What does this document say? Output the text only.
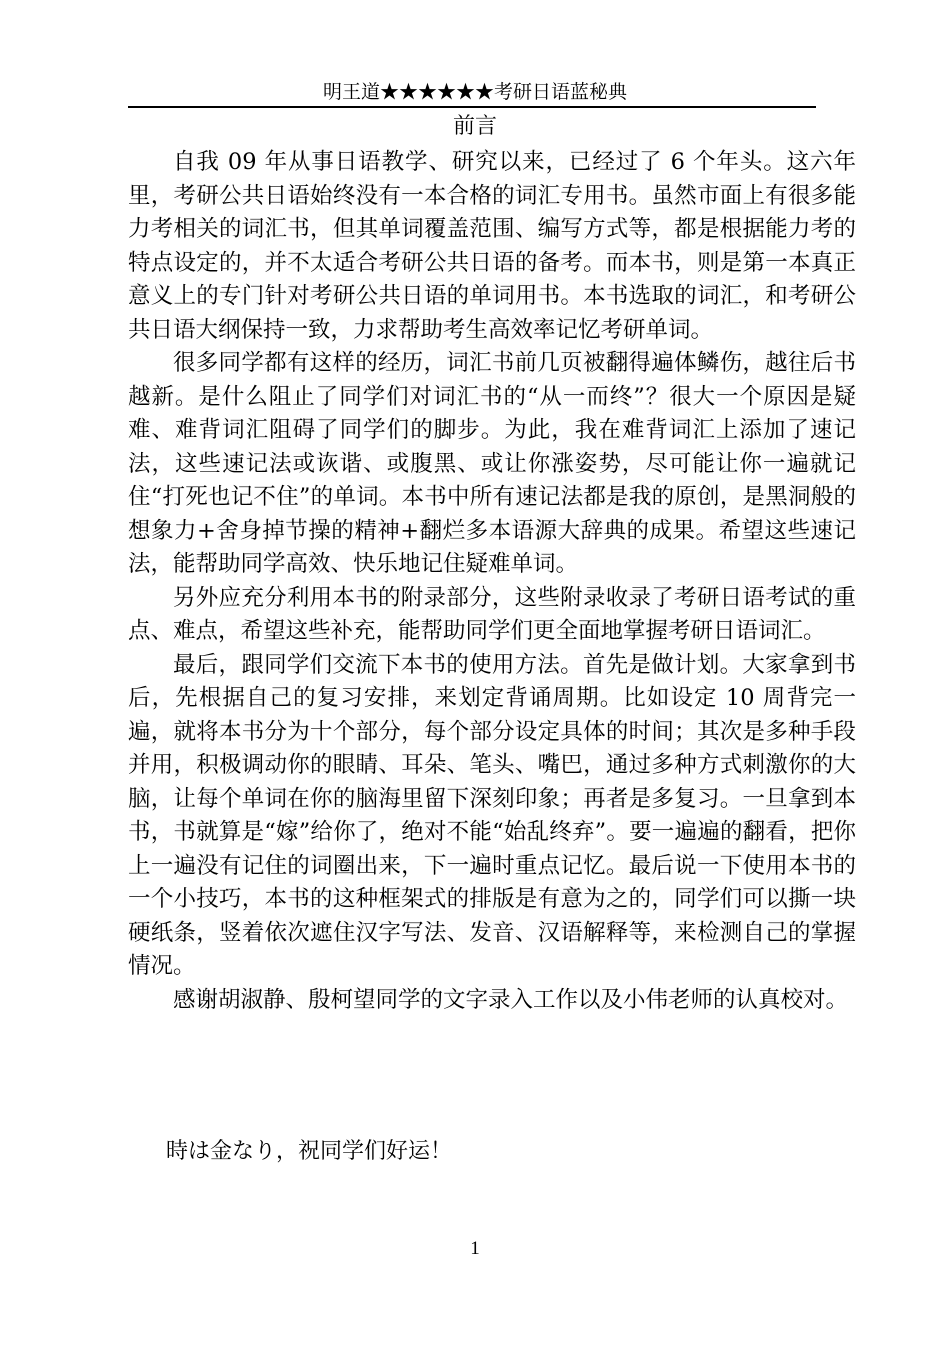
明王道★★★★★★考研日语蓝秘典
前言

自我 09 年从事日语教学、研究以来，已经过了 6 个年头。这六年里，考研公共日语始终没有一本合格的词汇专用书。虽然市面上有很多能力考相关的词汇书，但其单词覆盖范围、编写方式等，都是根据能力考的特点设定的，并不太适合考研公共日语的备考。而本书，则是第一本真正意义上的专门针对考研公共日语的单词用书。本书选取的词汇，和考研公共日语大纲保持一致，力求帮助考生高效率记忆考研单词。

很多同学都有这样的经历，词汇书前几页被翻得遍体鳞伤，越往后书越新。是什么阻止了同学们对词汇书的“从一而终”？很大一个原因是疑难、难背词汇阻碍了同学们的脚步。为此，我在难背词汇上添加了速记法，这些速记法或诙谐、或腹黑、或让你涨姿势，尽可能让你一遍就记住“打死也记不住”的单词。本书中所有速记法都是我的原创，是黑洞般的想象力+舍身掉节操的精神+翻烂多本语源大辞典的成果。希望这些速记法，能帮助同学高效、快乐地记住疑难单词。

另外应充分利用本书的附录部分，这些附录收录了考研日语考试的重点、难点，希望这些补充，能帮助同学们更全面地掌握考研日语词汇。

最后，跟同学们交流下本书的使用方法。首先是做计划。大家拿到书后，先根据自己的复习安排，来划定背诵周期。比如设定 10 周背完一遍，就将本书分为十个部分，每个部分设定具体的时间；其次是多种手段并用，积极调动你的眼睛、耳朵、笔头、嘴巴，通过多种方式刺激你的大脑，让每个单词在你的脑海里留下深刻印象；再者是多复习。一旦拿到本书，书就算是“嫁”给你了，绝对不能“始乱终弃”。要一遍遍的翻看，把你上一遍没有记住的词圈出来，下一遍时重点记忆。最后说一下使用本书的一个小技巧，本书的这种框架式的排版是有意为之的，同学们可以撕一块硬纸条，竖着依次遮住汉字写法、发音、汉语解释等，来检测自己的掌握情况。

感谢胡淑静、殷柯望同学的文字录入工作以及小伟老师的认真校对。

時は金なり，祝同学们好运！
1
